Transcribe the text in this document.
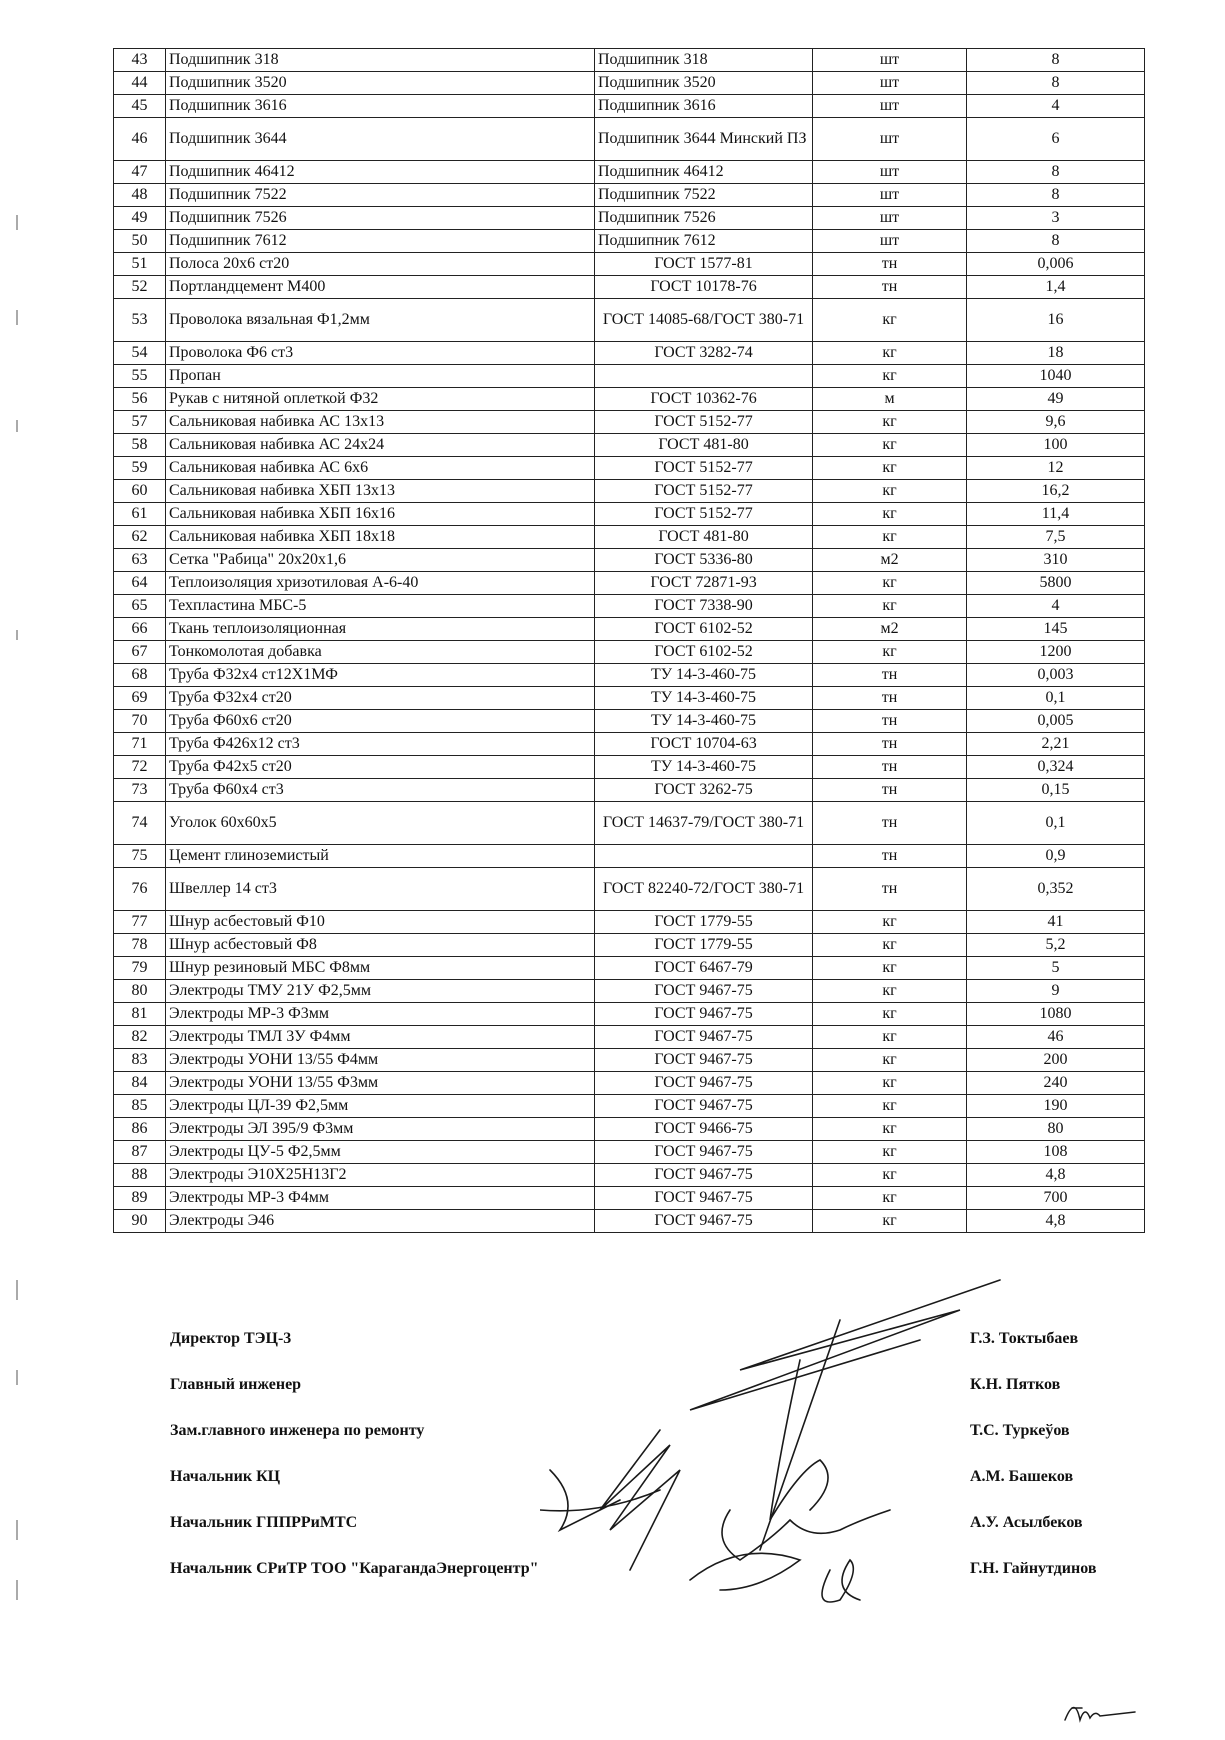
43	Подшипник 318	Подшипник 318	шт	8
44	Подшипник 3520	Подшипник 3520	шт	8
45	Подшипник 3616	Подшипник 3616	шт	4
46	Подшипник 3644	Подшипник 3644 Минский ПЗ	шт	6
47	Подшипник 46412	Подшипник 46412	шт	8
48	Подшипник 7522	Подшипник 7522	шт	8
49	Подшипник 7526	Подшипник 7526	шт	3
50	Подшипник 7612	Подшипник 7612	шт	8
51	Полоса 20х6 ст20	ГОСТ 1577-81	тн	0,006
52	Портландцемент М400	ГОСТ 10178-76	тн	1,4
53	Проволока вязальная Ф1,2мм	ГОСТ 14085-68/ГОСТ 380-71	кг	16
54	Проволока Ф6 ст3	ГОСТ 3282-74	кг	18
55	Пропан		кг	1040
56	Рукав с нитяной оплеткой Ф32	ГОСТ 10362-76	м	49
57	Сальниковая набивка АС 13х13	ГОСТ 5152-77	кг	9,6
58	Сальниковая набивка АС 24х24	ГОСТ 481-80	кг	100
59	Сальниковая набивка АС 6х6	ГОСТ 5152-77	кг	12
60	Сальниковая набивка ХБП 13х13	ГОСТ 5152-77	кг	16,2
61	Сальниковая набивка ХБП 16х16	ГОСТ 5152-77	кг	11,4
62	Сальниковая набивка ХБП 18х18	ГОСТ 481-80	кг	7,5
63	Сетка "Рабица" 20х20х1,6	ГОСТ 5336-80	м2	310
64	Теплоизоляция хризотиловая А-6-40	ГОСТ 72871-93	кг	5800
65	Техпластина МБС-5	ГОСТ 7338-90	кг	4
66	Ткань теплоизоляционная	ГОСТ 6102-52	м2	145
67	Тонкомолотая добавка	ГОСТ 6102-52	кг	1200
68	Труба Ф32х4 ст12Х1МФ	ТУ 14-3-460-75	тн	0,003
69	Труба Ф32х4 ст20	ТУ 14-3-460-75	тн	0,1
70	Труба Ф60х6 ст20	ТУ 14-3-460-75	тн	0,005
71	Труба Ф426х12 ст3	ГОСТ 10704-63	тн	2,21
72	Труба Ф42х5 ст20	ТУ 14-3-460-75	тн	0,324
73	Труба Ф60х4 ст3	ГОСТ 3262-75	тн	0,15
74	Уголок 60х60х5	ГОСТ 14637-79/ГОСТ 380-71	тн	0,1
75	Цемент глиноземистый		тн	0,9
76	Швеллер 14 ст3	ГОСТ 82240-72/ГОСТ 380-71	тн	0,352
77	Шнур асбестовый Ф10	ГОСТ 1779-55	кг	41
78	Шнур асбестовый Ф8	ГОСТ 1779-55	кг	5,2
79	Шнур резиновый МБС Ф8мм	ГОСТ 6467-79	кг	5
80	Электроды ТМУ 21У Ф2,5мм	ГОСТ 9467-75	кг	9
81	Электроды МР-3 Ф3мм	ГОСТ 9467-75	кг	1080
82	Электроды ТМЛ 3У Ф4мм	ГОСТ 9467-75	кг	46
83	Электроды УОНИ 13/55 Ф4мм	ГОСТ 9467-75	кг	200
84	Электроды УОНИ 13/55 Ф3мм	ГОСТ 9467-75	кг	240
85	Электроды ЦЛ-39 Ф2,5мм	ГОСТ 9467-75	кг	190
86	Электроды ЭЛ 395/9 Ф3мм	ГОСТ 9466-75	кг	80
87	Электроды ЦУ-5 Ф2,5мм	ГОСТ 9467-75	кг	108
88	Электроды Э10Х25Н13Г2	ГОСТ 9467-75	кг	4,8
89	Электроды МР-3 Ф4мм	ГОСТ 9467-75	кг	700
90	Электроды Э46	ГОСТ 9467-75	кг	4,8
Директор ТЭЦ-3	Г.З. Токтыбаев
Главный инженер	К.Н. Пятков
Зам.главного инженера по ремонту	Т.С. Туркеўов
Начальник КЦ	А.М. Башеков
Начальник ГППРРиМТС	А.У. Асылбеков
Начальник СРиТР ТОО "КарагандаЭнергоцентр"	Г.Н. Гайнутдинов
